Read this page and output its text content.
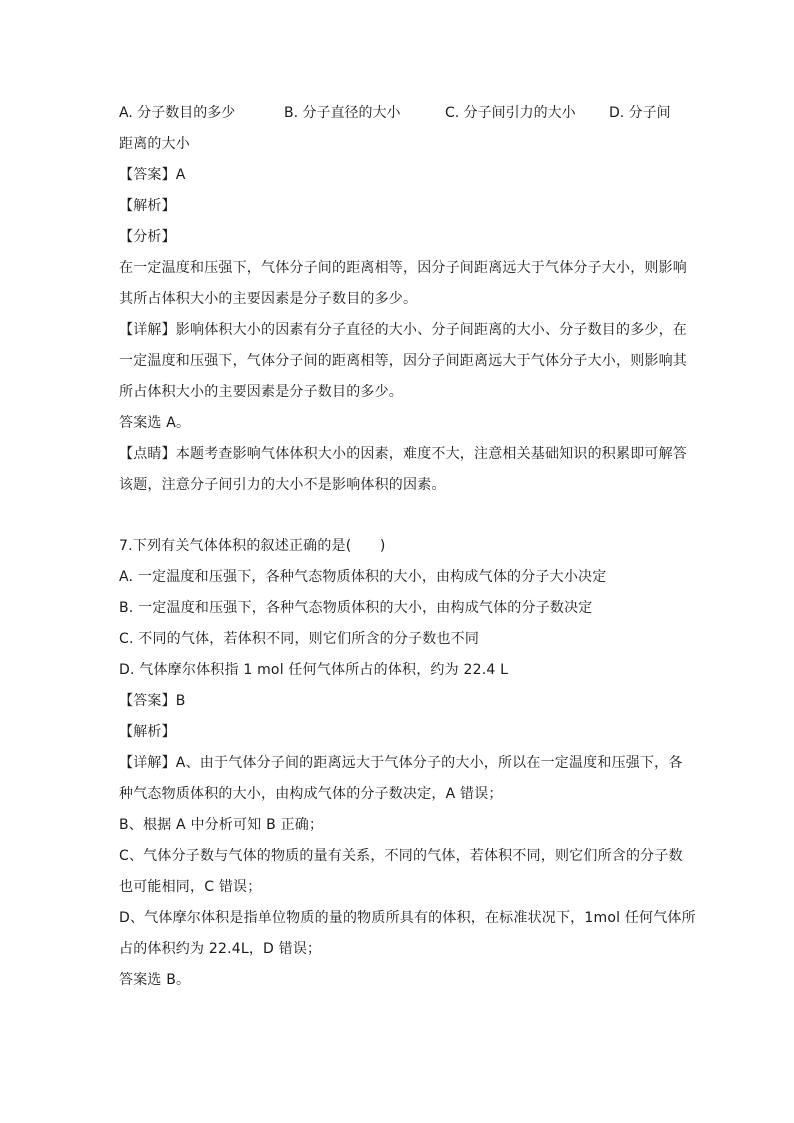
A. 分子数目的多少	B. 分子直径的大小	C. 分子间引力的大小 D. 分子间
距离的大小
【答案】A
【解析】
【分析】
在一定温度和压强下，气体分子间的距离相等，因分子间距离远大于气体分子大小，则影响
其所占体积大小的主要因素是分子数目的多少。
【详解】影响体积大小的因素有分子直径的大小、分子间距离的大小、分子数目的多少，在
一定温度和压强下，气体分子间的距离相等，因分子间距离远大于气体分子大小，则影响其
所占体积大小的主要因素是分子数目的多少。
答案选 A。
【点睛】本题考查影响气体体积大小的因素，难度不大，注意相关基础知识的积累即可解答
该题，注意分子间引力的大小不是影响体积的因素。
7.下列有关气体体积的叙述正确的是(　　)
A. 一定温度和压强下，各种气态物质体积的大小，由构成气体的分子大小决定
B. 一定温度和压强下，各种气态物质体积的大小，由构成气体的分子数决定
C. 不同的气体，若体积不同，则它们所含的分子数也不同
D. 气体摩尔体积指 1 mol 任何气体所占的体积，约为 22.4 L
【答案】B
【解析】
【详解】A、由于气体分子间的距离远大于气体分子的大小，所以在一定温度和压强下，各
种气态物质体积的大小，由构成气体的分子数决定，A 错误；
B、根据 A 中分析可知 B 正确；
C、气体分子数与气体的物质的量有关系，不同的气体，若体积不同，则它们所含的分子数
也可能相同，C 错误；
D、气体摩尔体积是指单位物质的量的物质所具有的体积，在标准状况下，1mol 任何气体所
占的体积约为 22.4L，D 错误；
答案选 B。
